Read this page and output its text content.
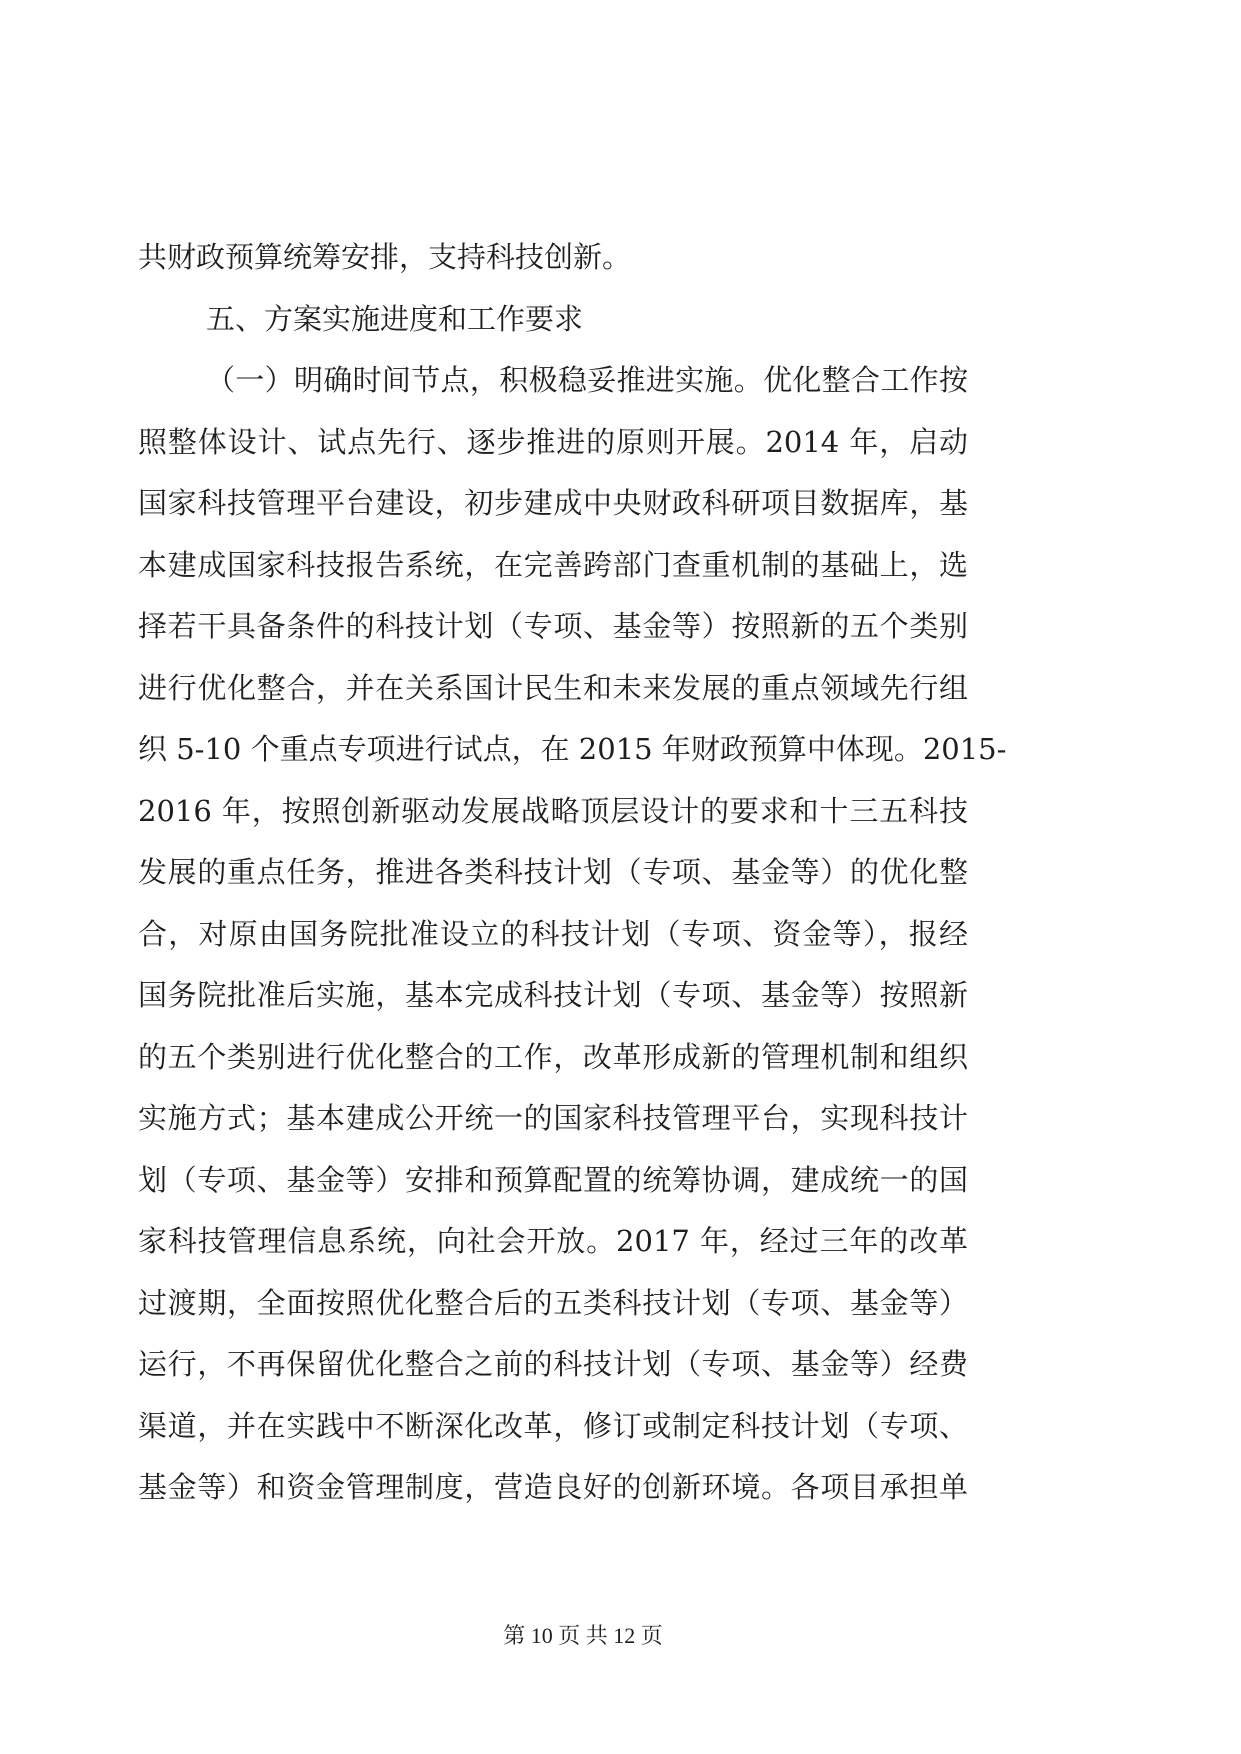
共财政预算统筹安排，支持科技创新。
五、方案实施进度和工作要求
（一）明确时间节点，积极稳妥推进实施。优化整合工作按
照整体设计、试点先行、逐步推进的原则开展。2014 年，启动
国家科技管理平台建设，初步建成中央财政科研项目数据库，基
本建成国家科技报告系统，在完善跨部门查重机制的基础上，选
择若干具备条件的科技计划（专项、基金等）按照新的五个类别
进行优化整合，并在关系国计民生和未来发展的重点领域先行组
织 5-10 个重点专项进行试点，在 2015 年财政预算中体现。2015-
2016 年，按照创新驱动发展战略顶层设计的要求和十三五科技
发展的重点任务，推进各类科技计划（专项、基金等）的优化整
合，对原由国务院批准设立的科技计划（专项、资金等），报经
国务院批准后实施，基本完成科技计划（专项、基金等）按照新
的五个类别进行优化整合的工作，改革形成新的管理机制和组织
实施方式；基本建成公开统一的国家科技管理平台，实现科技计
划（专项、基金等）安排和预算配置的统筹协调，建成统一的国
家科技管理信息系统，向社会开放。2017 年，经过三年的改革
过渡期，全面按照优化整合后的五类科技计划（专项、基金等）
运行，不再保留优化整合之前的科技计划（专项、基金等）经费
渠道，并在实践中不断深化改革，修订或制定科技计划（专项、
基金等）和资金管理制度，营造良好的创新环境。各项目承担单
第 10 页 共 12 页
